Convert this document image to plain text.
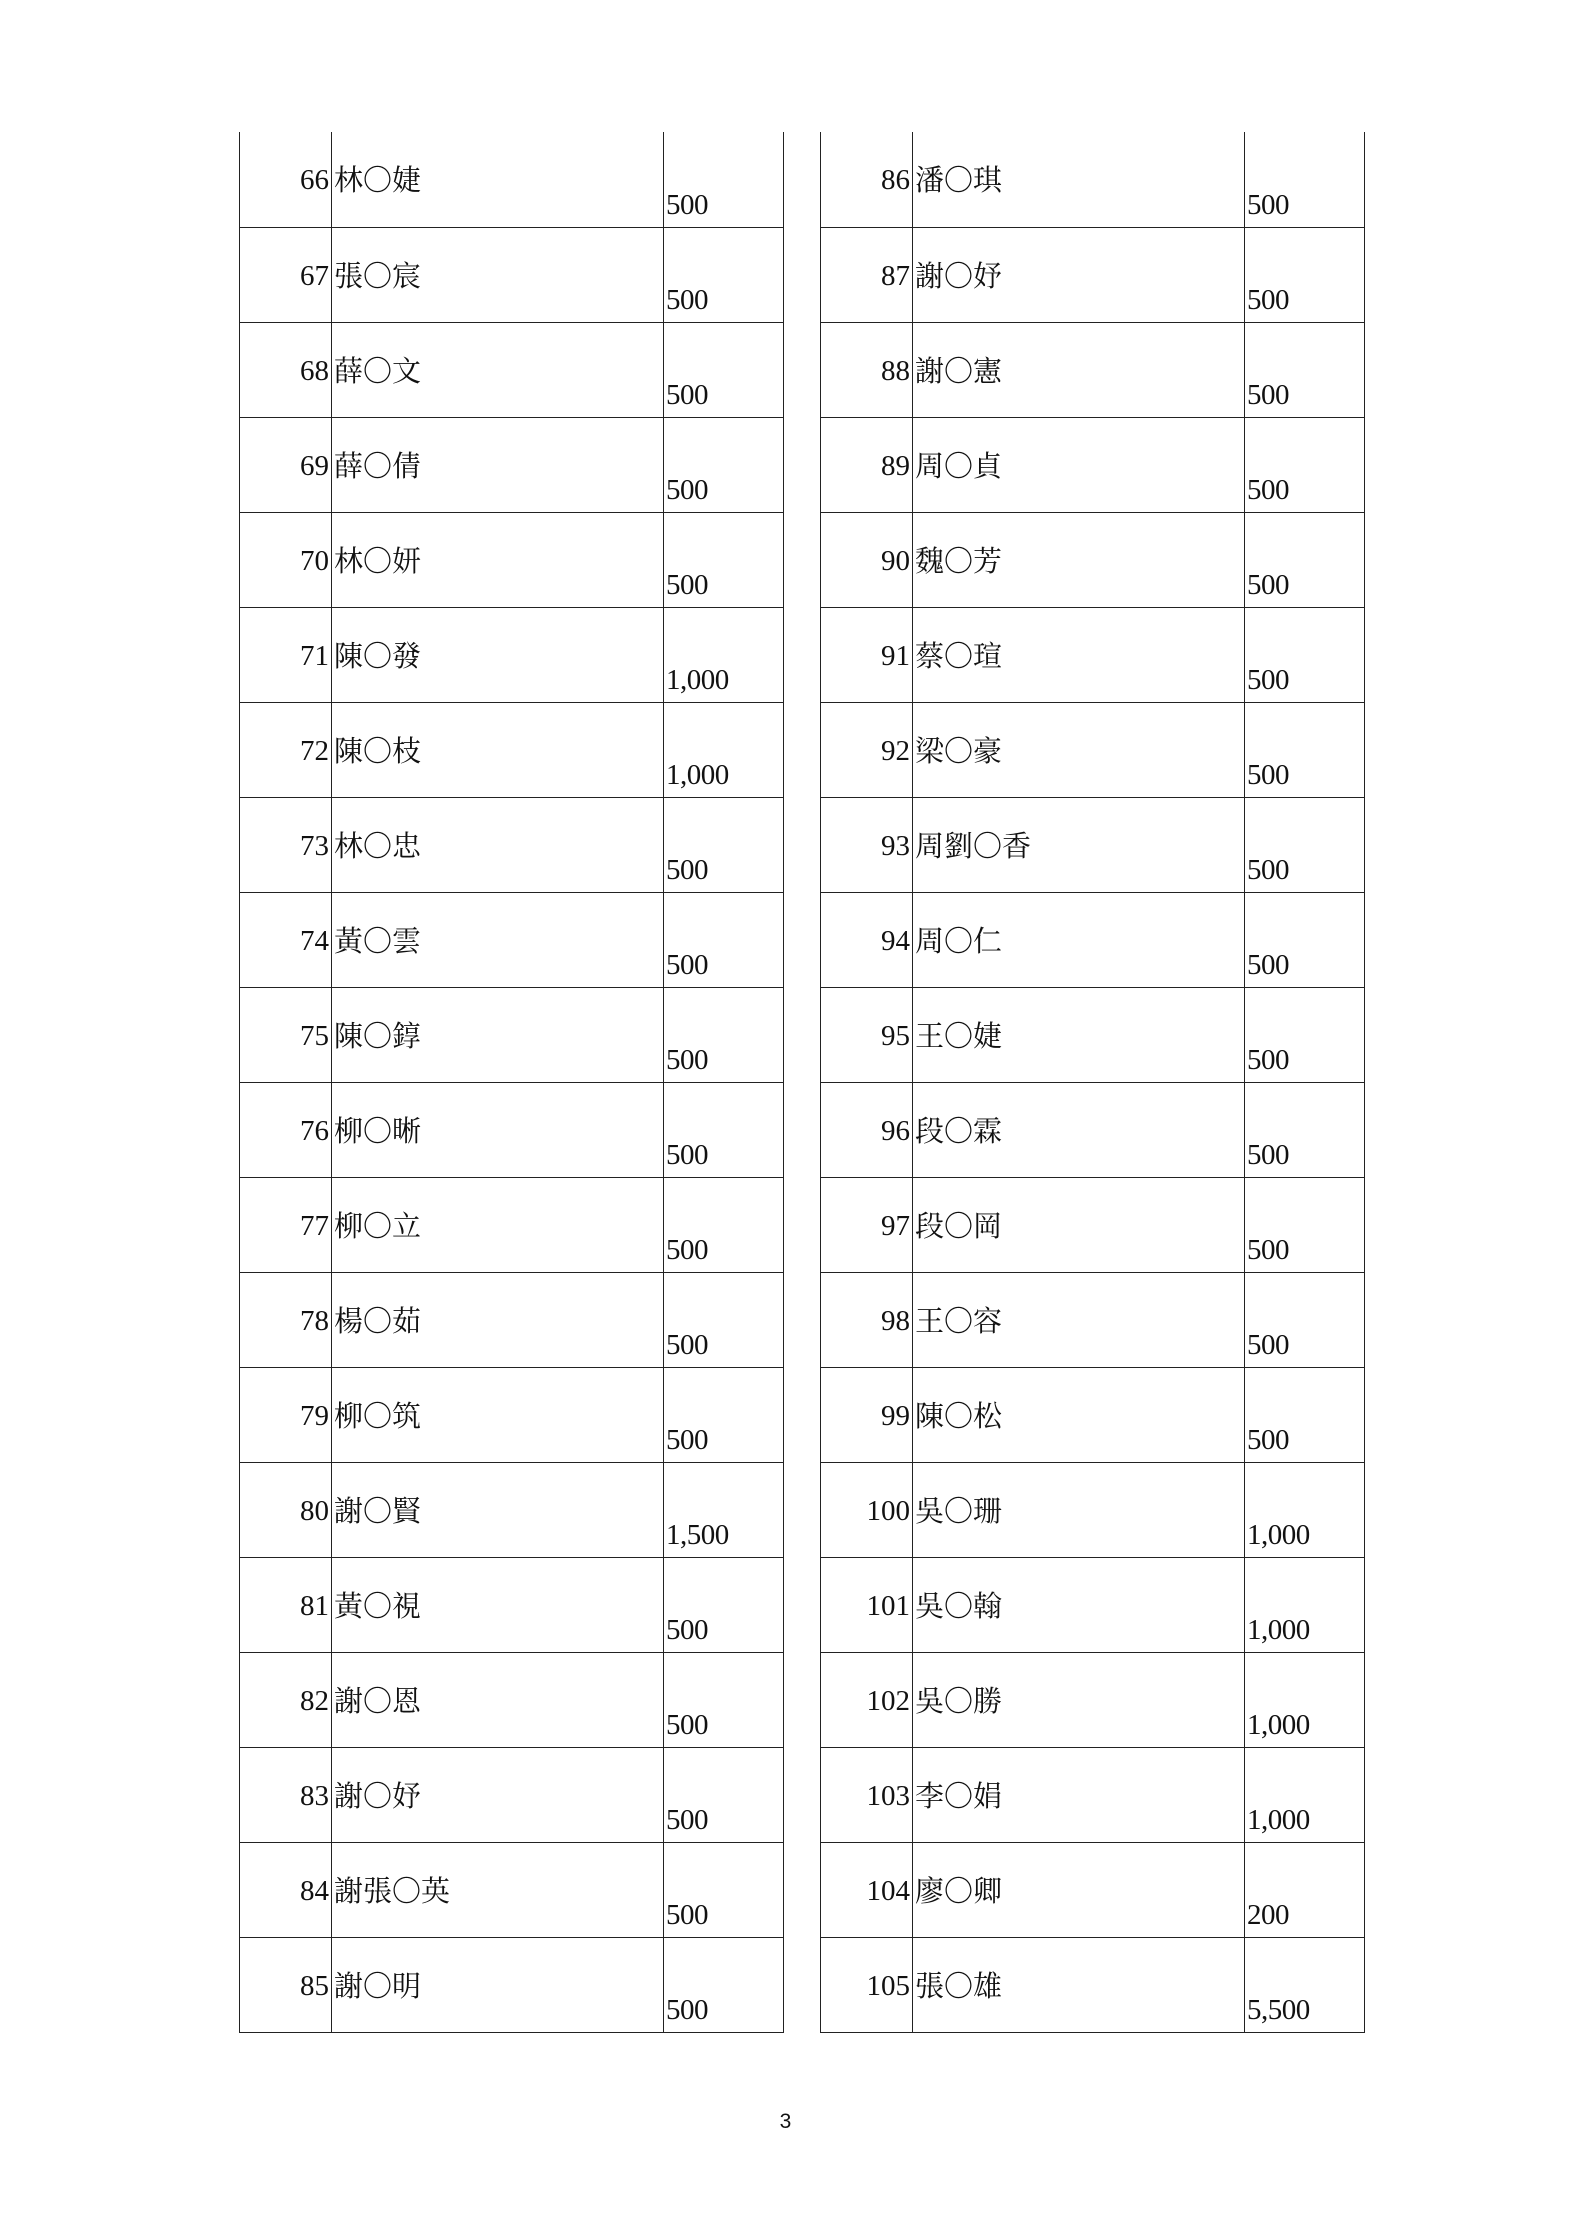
66	林〇婕	500
67	張〇宸	500
68	薛〇文	500
69	薛〇倩	500
70	林〇妍	500
71	陳〇發	1,000
72	陳〇枝	1,000
73	林〇忠	500
74	黃〇雲	500
75	陳〇錞	500
76	柳〇晰	500
77	柳〇立	500
78	楊〇茹	500
79	柳〇筑	500
80	謝〇賢	1,500
81	黃〇視	500
82	謝〇恩	500
83	謝〇妤	500
84	謝張〇英	500
85	謝〇明	500
86	潘〇琪	500
87	謝〇妤	500
88	謝〇憲	500
89	周〇貞	500
90	魏〇芳	500
91	蔡〇瑄	500
92	梁〇豪	500
93	周劉〇香	500
94	周〇仁	500
95	王〇婕	500
96	段〇霖	500
97	段〇岡	500
98	王〇容	500
99	陳〇松	500
100	吳〇珊	1,000
101	吳〇翰	1,000
102	吳〇勝	1,000
103	李〇娟	1,000
104	廖〇卿	200
105	張〇雄	5,500
3
